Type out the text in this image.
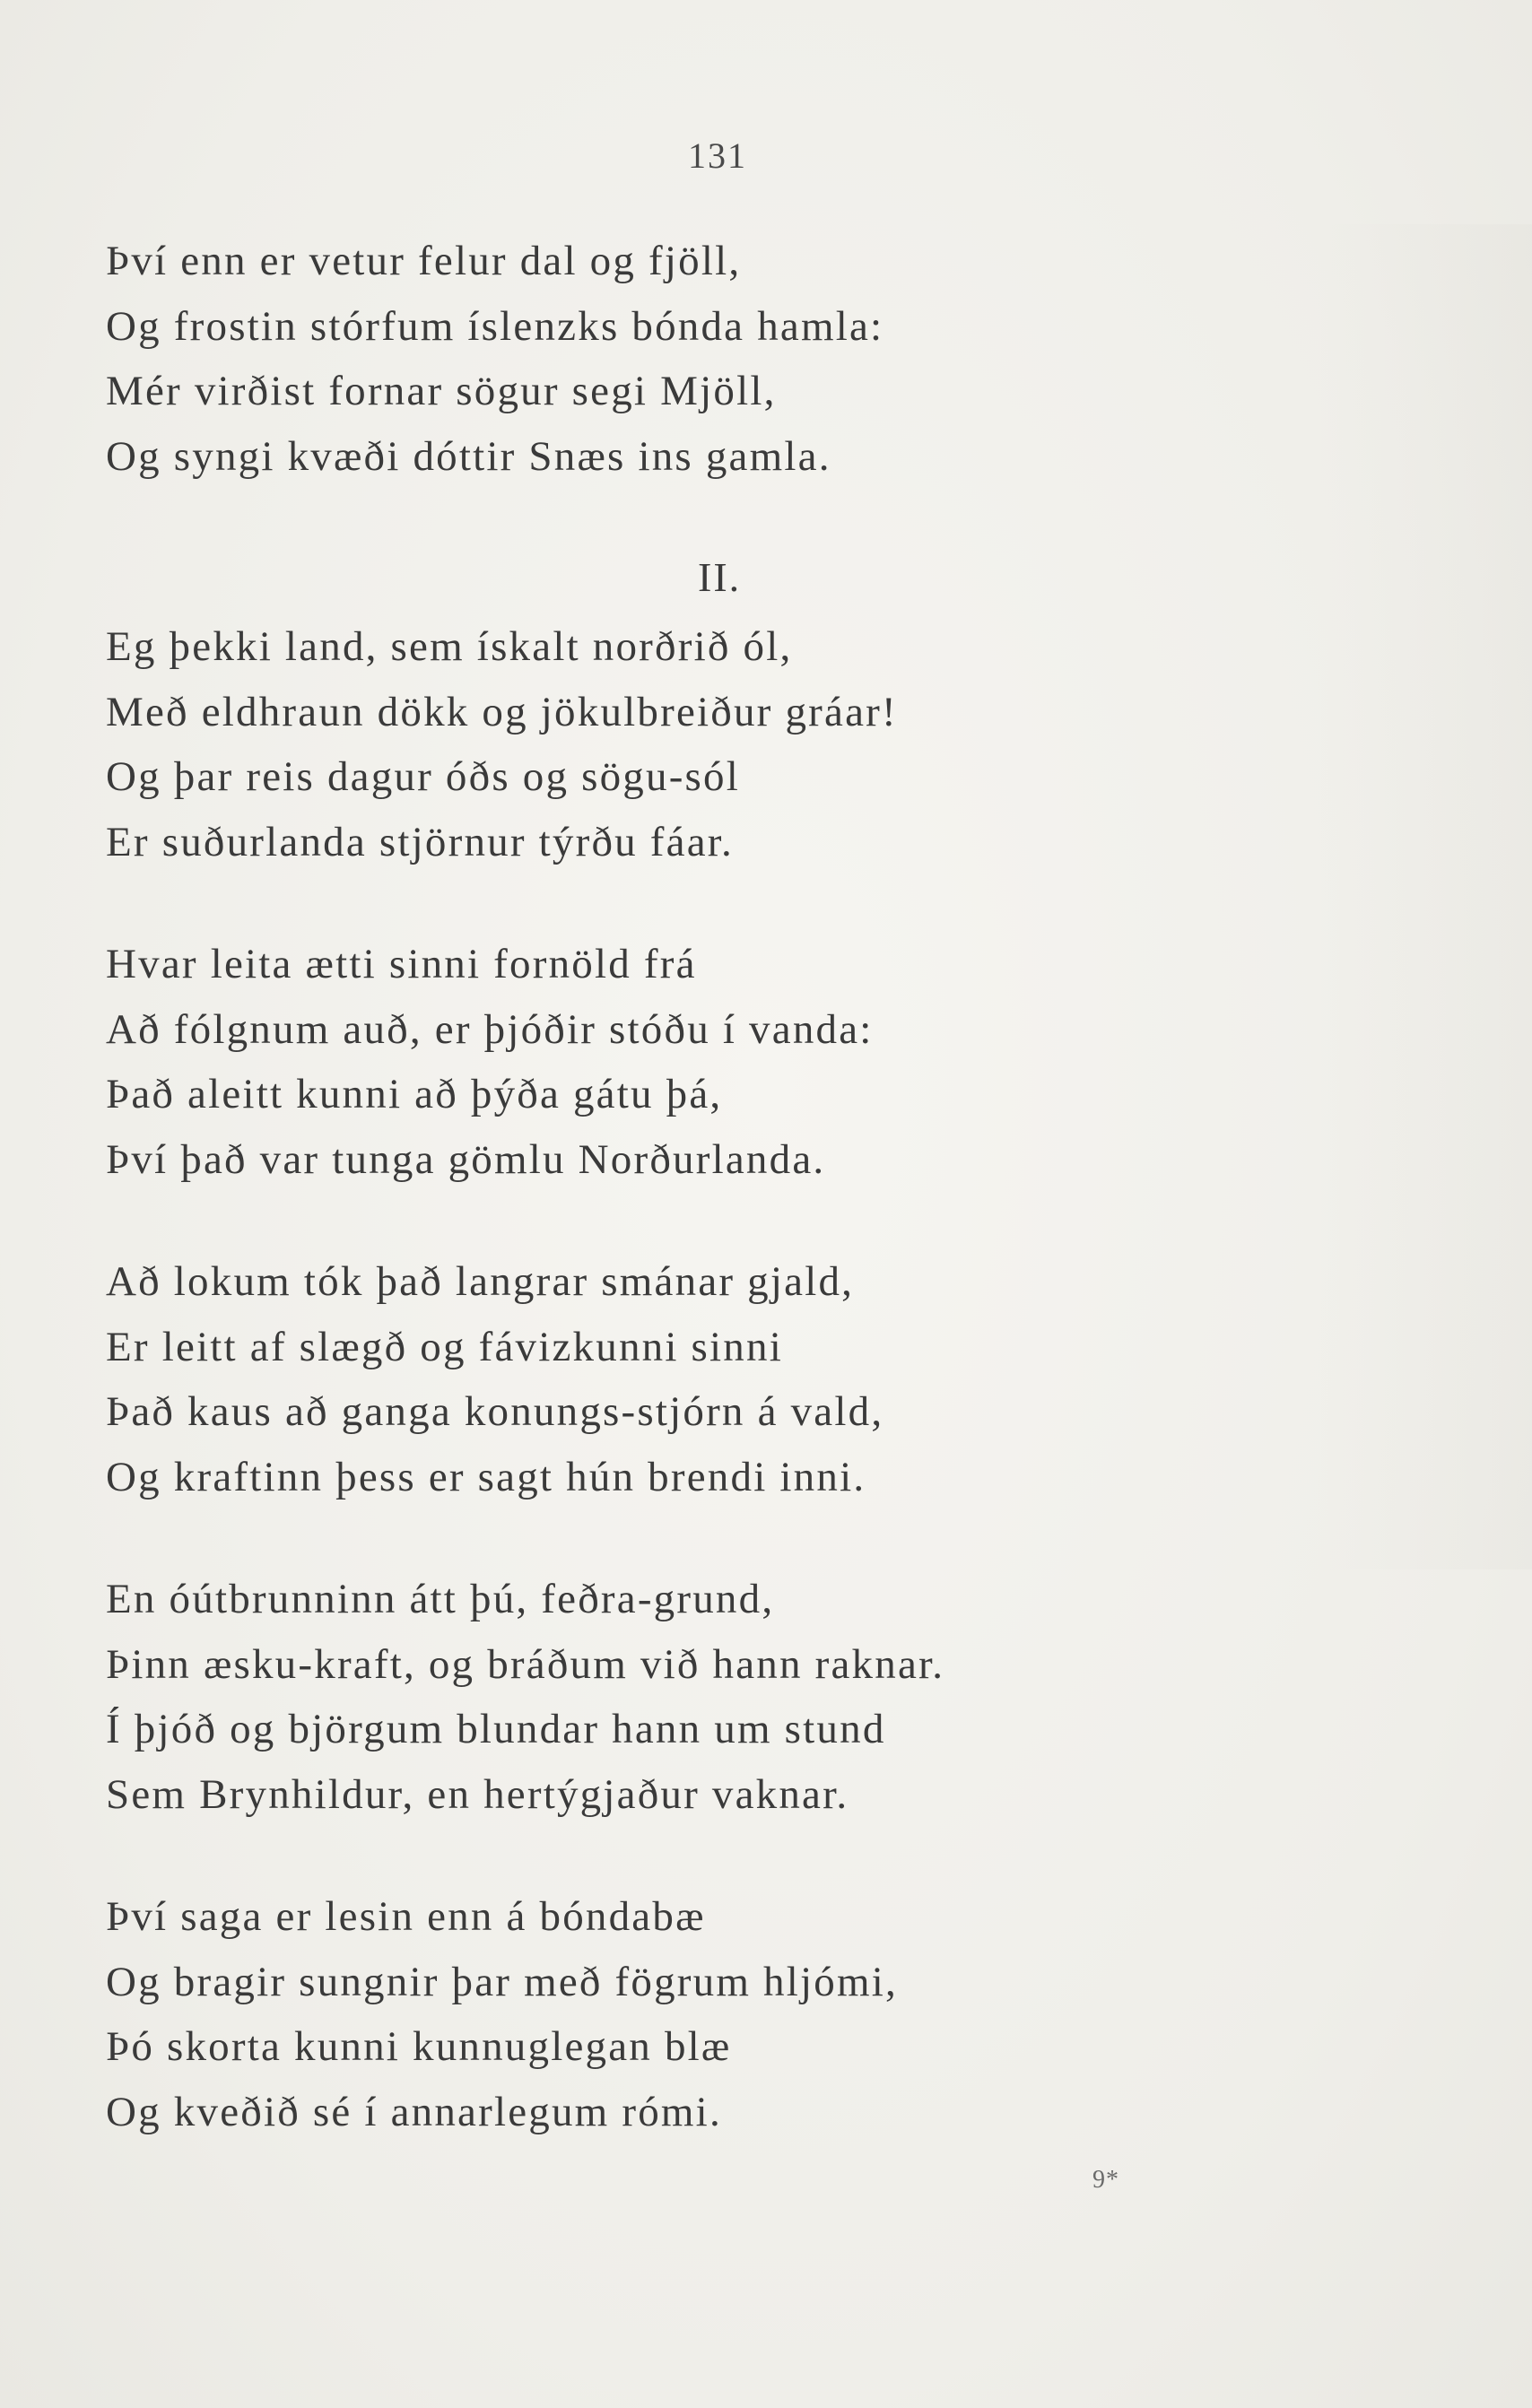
131
Því enn er vetur felur dal og fjöll,
Og frostin stórfum íslenzks bónda hamla:
Mér virðist fornar sögur segi Mjöll,
Og syngi kvæði dóttir Snæs ins gamla.
II.
Eg þekki land, sem ískalt norðrið ól,
Með eldhraun dökk og jökulbreiður gráar!
Og þar reis dagur óðs og sögu-sól
Er suðurlanda stjörnur týrðu fáar.
Hvar leita ætti sinni fornöld frá
Að fólgnum auð, er þjóðir stóðu í vanda:
Það aleitt kunni að þýða gátu þá,
Því það var tunga gömlu Norðurlanda.
Að lokum tók það langrar smánar gjald,
Er leitt af slægð og fávizkunni sinni
Það kaus að ganga konungs-stjórn á vald,
Og kraftinn þess er sagt hún brendi inni.
En óútbrunninn átt þú, feðra-grund,
Þinn æsku-kraft, og bráðum við hann raknar.
Í þjóð og björgum blundar hann um stund
Sem Brynhildur, en hertýgjaður vaknar.
Því saga er lesin enn á bóndabæ
Og bragir sungnir þar með fögrum hljómi,
Þó skorta kunni kunnuglegan blæ
Og kveðið sé í annarlegum rómi.
9*
